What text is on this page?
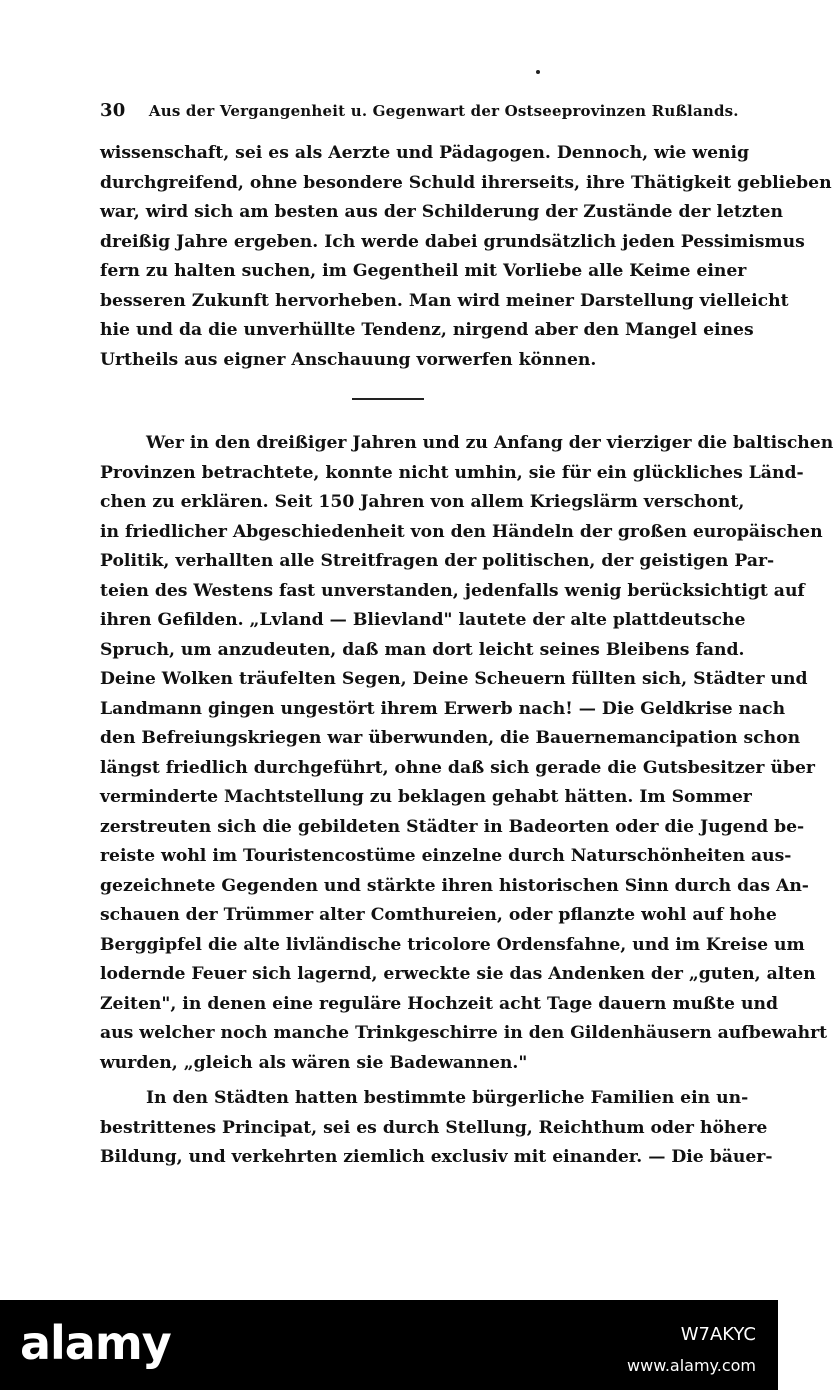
30 Aus der Vergangenheit u. Gegenwart der Ostseeprovinzen Rußlands.
wissenschaft, sei es als Aerzte und Pädagogen. Dennoch, wie wenig
durchgreifend, ohne besondere Schuld ihrerseits, ihre Thätigkeit geblieben
war, wird sich am besten aus der Schilderung der Zustände der letzten
dreißig Jahre ergeben. Ich werde dabei grundsätzlich jeden Pessimismus
fern zu halten suchen, im Gegentheil mit Vorliebe alle Keime einer
besseren Zukunft hervorheben. Man wird meiner Darstellung vielleicht
hie und da die unverhüllte Tendenz, nirgend aber den Mangel eines
Urtheils aus eigner Anschauung vorwerfen können.
Wer in den dreißiger Jahren und zu Anfang der vierziger die baltischen
Provinzen betrachtete, konnte nicht umhin, sie für ein glückliches Länd-
chen zu erklären. Seit 150 Jahren von allem Kriegslärm verschont,
in friedlicher Abgeschiedenheit von den Händeln der großen europäischen
Politik, verhallten alle Streitfragen der politischen, der geistigen Par-
teien des Westens fast unverstanden, jedenfalls wenig berücksichtigt auf
ihren Gefilden. „Lvland — Blievland" lautete der alte plattdeutsche
Spruch, um anzudeuten, daß man dort leicht seines Bleibens fand.
Deine Wolken träufelten Segen, Deine Scheuern füllten sich, Städter und
Landmann gingen ungestört ihrem Erwerb nach! — Die Geldkrise nach
den Befreiungskriegen war überwunden, die Bauernemancipation schon
längst friedlich durchgeführt, ohne daß sich gerade die Gutsbesitzer über
verminderte Machtstellung zu beklagen gehabt hätten. Im Sommer
zerstreuten sich die gebildeten Städter in Badeorten oder die Jugend be-
reiste wohl im Touristencostüme einzelne durch Naturschönheiten aus-
gezeichnete Gegenden und stärkte ihren historischen Sinn durch das An-
schauen der Trümmer alter Comthureien, oder pflanzte wohl auf hohe
Berggipfel die alte livländische tricolore Ordensfahne, und im Kreise um
lodernde Feuer sich lagernd, erweckte sie das Andenken der „guten, alten
Zeiten", in denen eine reguläre Hochzeit acht Tage dauern mußte und
aus welcher noch manche Trinkgeschirre in den Gildenhäusern aufbewahrt
wurden, „gleich als wären sie Badewannen."
In den Städten hatten bestimmte bürgerliche Familien ein un-
bestrittenes Principat, sei es durch Stellung, Reichthum oder höhere
Bildung, und verkehrten ziemlich exclusiv mit einander. — Die bäuer-
alamy	W7AKYC
www.alamy.com
